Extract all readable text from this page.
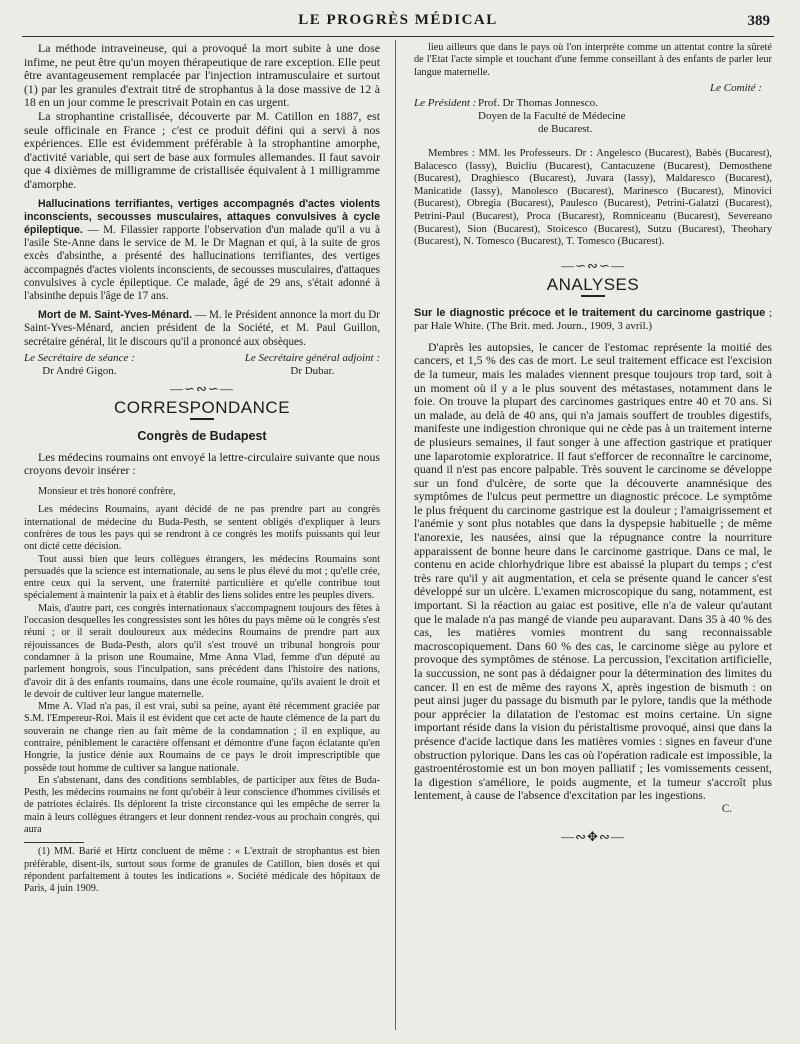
LE PROGRÈS MÉDICAL	389

La méthode intraveineuse, qui a provoqué la mort subite à une dose infime, ne peut être qu'un moyen thérapeutique de rare exception. Elle peut être avantageusement remplacée par l'injection intramusculaire et surtout (1) par les granules d'extrait titré de strophantus à la dose massive de 12 à 18 en un jour comme le prescrivait Potain en cas urgent.

La strophantine cristallisée, découverte par M. Catillon en 1887, est seule officinale en France ; c'est ce produit défini qui a servi à nos expériences. Elle est évidemment préférable à la strophantine amorphe, d'activité variable, qui sert de base aux formules allemandes. Il faut savoir que 4 dixièmes de milligramme de cristallisée équivalent à 1 milligramme d'amorphe.

Hallucinations terrifiantes, vertiges accompagnés d'actes violents inconscients, secousses musculaires, attaques convulsives à cycle épileptique. — M. Filassier rapporte l'observation d'un malade qu'il a vu à l'asile Ste-Anne dans le service de M. le Dr Magnan et qui, à la suite de gros excès d'absinthe, a présenté des hallucinations terrifiantes, des vertiges accompagnés d'actes violents inconscients, de secousses musculaires, d'attaques convulsives à cycle épileptique. Ce malade, âgé de 29 ans, s'était adonné à l'absinthe depuis l'âge de 17 ans.

Mort de M. Saint-Yves-Ménard. — M. le Président annonce la mort du Dr Saint-Yves-Ménard, ancien président de la Société, et M. Paul Guillon, secrétaire général, lit le discours qu'il a prononcé aux obsèques.

Le Secrétaire de séance :
Dr André Gigon.
Le Secrétaire général adjoint :
Dr Dubar.
—∽∾∽—
CORRESPONDANCE
Congrès de Budapest

Les médecins roumains ont envoyé la lettre-circulaire suivante que nous croyons devoir insérer :

Monsieur et très honoré confrère,

Les médecins Roumains, ayant décidé de ne pas prendre part au congrès international de médecine du Buda-Pesth, se sentent obligés d'expliquer à leurs confrères de tous les pays qui se rendront à ce congrès les motifs puissants qui leur ont dicté cette décision.

Tout aussi bien que leurs collègues étrangers, les médecins Roumains sont persuadés que la science est internationale, au sens le plus élevé du mot ; qu'elle crée, entre ceux qui la servent, une fraternité particulière et qu'elle contribue tout spécialement à maintenir la paix et à établir des liens solides entre les peuples divers.

Mais, d'autre part, ces congrès internationaux s'accompagnent toujours des fêtes à l'occasion desquelles les congressistes sont les hôtes du pays même où le congrès s'est réuni ; or il serait douloureux aux médecins Roumains de prendre part aux réjouissances de Buda-Pesth, alors qu'il s'est trouvé un tribunal hongrois pour condamner à la prison une Roumaine, Mme Anna Vlad, femme d'un député au parlement hongrois, sous l'inculpation, sans précédent dans l'histoire des nations, d'avoir dit à des enfants roumains, dans une école roumaine, qu'ils avaient le droit et le devoir de cultiver leur langue maternelle.

Mme A. Vlad n'a pas, il est vrai, subi sa peine, ayant été récemment graciée par S.M. l'Empereur-Roi. Mais il est évident que cet acte de haute clémence de la part du souverain ne change rien au fait même de la condamnation ; il en explique, au contraire, péniblement le caractère offensant et démontre d'une façon éclatante qu'en Hongrie, la justice dénie aux Roumains de ce pays le droit imprescriptible que possède tout homme de cultiver sa langue nationale.

En s'abstenant, dans des conditions semblables, de participer aux fêtes de Buda-Pesth, les médecins roumains ne font qu'obéir à leur conscience d'hommes civilisés et de patriotes éclairés. Ils déplorent la triste circonstance qui les empêche de serrer la main à leurs collègues étrangers et leur donnent rendez-vous au prochain congrès, qui aura

(1) MM. Barié et Hirtz concluent de même : « L'extrait de strophantus est bien préférable, disent-ils, surtout sous forme de granules de Catillon, bien dosés et qui répondent parfaitement à toutes les indications ». Société médicale des hôpitaux de Paris, 4 juin 1909.

lieu ailleurs que dans le pays où l'on interprète comme un attentat contre la sûreté de l'Etat l'acte simple et touchant d'une femme conseillant à des enfants de parler leur langue maternelle.

Le Comité :
Le Président : Prof. Dr Thomas Jonnesco.
Doyen de la Faculté de Médecine
de Bucarest.

Membres : MM. les Professeurs. Dr : Angelesco (Bucarest), Babès (Bucarest), Balacesco (Iassy), Buicliu (Bucarest), Cantacuzene (Bucarest), Demosthene (Bucarest), Draghiesco (Bucarest), Juvara (Iassy), Maldaresco (Bucarest), Manicatide (Iassy), Manolesco (Bucarest), Marinesco (Bucarest), Minovici (Bucarest), Obregia (Bucarest), Paulesco (Bucarest), Petrini-Galatzi (Bucarest), Petrini-Paul (Bucarest), Proca (Bucarest), Romniceanu (Bucarest), Severeano (Bucarest), Sion (Bucarest), Stoicesco (Bucarest), Sutzu (Bucarest), Theohary (Bucarest), N. Tomesco (Bucarest), T. Tomesco (Bucarest).

—∽∾∽—
ANALYSES

Sur le diagnostic précoce et le traitement du carcinome gastrique ; par Hale White. (The Brit. med. Journ., 1909, 3 avril.)

D'après les autopsies, le cancer de l'estomac représente la moitié des cancers, et 1,5 % des cas de mort. Le seul traitement efficace est l'excision de la tumeur, mais les malades viennent presque toujours trop tard, soit à un moment où il y a le plus souvent des métastases, notamment dans le foie. On trouve la plupart des carcinomes gastriques entre 40 et 70 ans. Si un malade, au delà de 40 ans, qui n'a jamais souffert de troubles digestifs, manifeste une indigestion chronique qui ne cède pas à un traitement interne de plusieurs semaines, il faut songer à une affection gastrique et pratiquer une laparotomie exploratrice. Il faut s'efforcer de reconnaître le carcinome, quand il n'est pas encore palpable. Très souvent le carcinome se développe sur un fond d'ulcère, de sorte que la découverte anamnésique des symptômes de l'ulcus peut permettre un diagnostic précoce. Le symptôme le plus fréquent du carcinome gastrique est la douleur ; l'amaigrissement et l'anémie y sont plus notables que dans la dyspepsie habituelle ; de même l'anorexie, les nausées, ainsi que la répugnance contre la nourriture apparaissent de bonne heure dans le carcinome gastrique. Dans ce mal, le contenu en acide chlorhydrique libre est abaissé la plupart du temps ; c'est très rare qu'il y ait augmentation, et cela se présente quand le cancer s'est développé sur un ulcère. L'examen microscopique du sang, notamment, est important. Si la réaction au gaiac est positive, elle n'a de valeur qu'autant que le malade n'a pas mangé de viande peu auparavant. Dans 35 à 40 % des cas, les matières vomies montrent du sang reconnaissable macroscopiquement. Dans 60 % des cas, le carcinome siège au pylore et provoque des symptômes de sténose. La percussion, l'excitation artificielle, la succussion, ne sont pas à dédaigner pour la détermination des limites du cancer. Il en est de même des rayons X, après ingestion de bismuth : on peut ainsi juger du passage du bismuth par le pylore, tandis que la méthode pour apprécier la dilatation de l'estomac est moins certaine. Un signe important réside dans la vision du péristaltisme provoqué, ainsi que dans la présence d'acide lactique dans les matières vomies : signes en faveur d'une obstruction pylorique. Dans les cas où l'opération radicale est impossible, la gastroentérostomie est un bon moyen palliatif ; les vomissements cessent, la digestion s'améliore, le poids augmente, et la tumeur s'accroît plus lentement, à cause de l'absence d'excitation par les ingestions.

C.
—∾✥∾—
